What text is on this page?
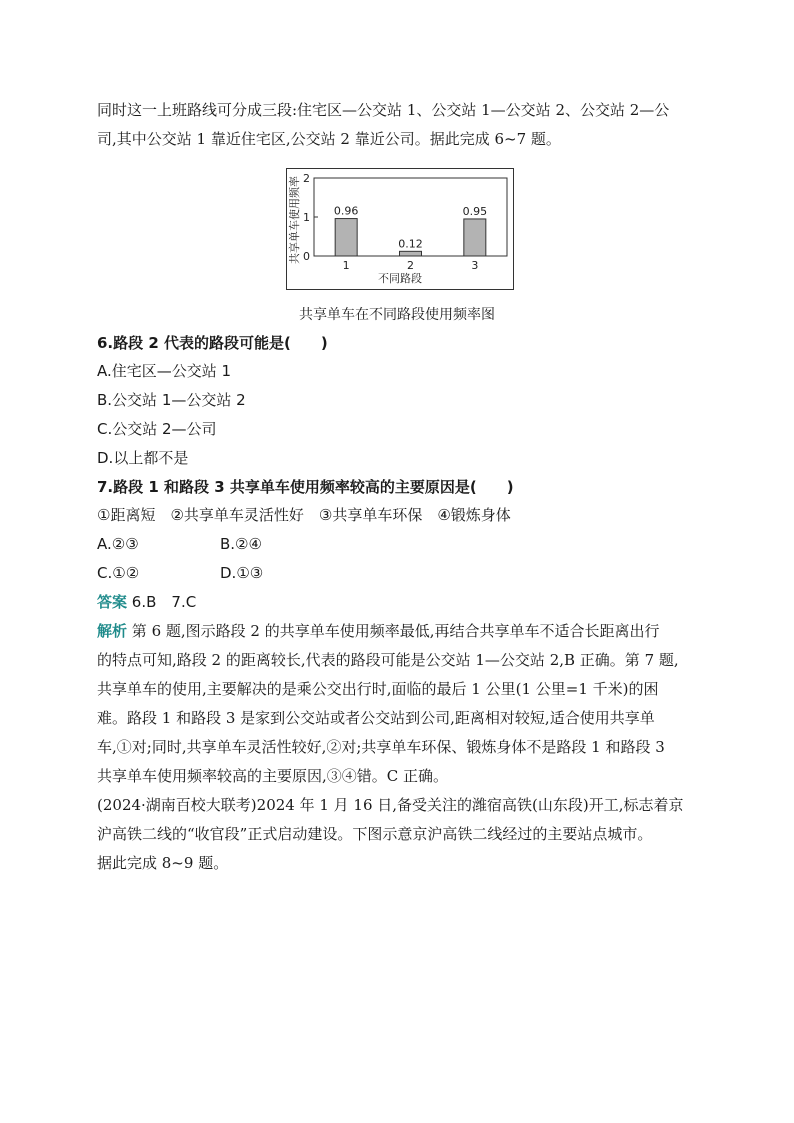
同时这一上班路线可分成三段:住宅区—公交站 1、公交站 1—公交站 2、公交站 2—公
司,其中公交站 1 靠近住宅区,公交站 2 靠近公司。据此完成 6~7 题。
共享单车使用频率
不同路段
0
1
2
0.96
1
0.12
2
0.95
3
共享单车在不同路段使用频率图
6.路段 2 代表的路段可能是(　　)
A.住宅区—公交站 1
B.公交站 1—公交站 2
C.公交站 2—公司
D.以上都不是
7.路段 1 和路段 3 共享单车使用频率较高的主要原因是(　　)
①距离短　②共享单车灵活性好　③共享单车环保　④锻炼身体
A.②③	B.②④
C.①②	D.①③
答案 6.B　7.C
解析 第 6 题,图示路段 2 的共享单车使用频率最低,再结合共享单车不适合长距离出行
的特点可知,路段 2 的距离较长,代表的路段可能是公交站 1—公交站 2,B 正确。第 7 题,
共享单车的使用,主要解决的是乘公交出行时,面临的最后 1 公里(1 公里=1 千米)的困
难。路段 1 和路段 3 是家到公交站或者公交站到公司,距离相对较短,适合使用共享单
车,①对;同时,共享单车灵活性较好,②对;共享单车环保、锻炼身体不是路段 1 和路段 3
共享单车使用频率较高的主要原因,③④错。C 正确。
(2024·湖南百校大联考)2024 年 1 月 16 日,备受关注的潍宿高铁(山东段)开工,标志着京
沪高铁二线的“收官段”正式启动建设。下图示意京沪高铁二线经过的主要站点城市。
据此完成 8~9 题。
